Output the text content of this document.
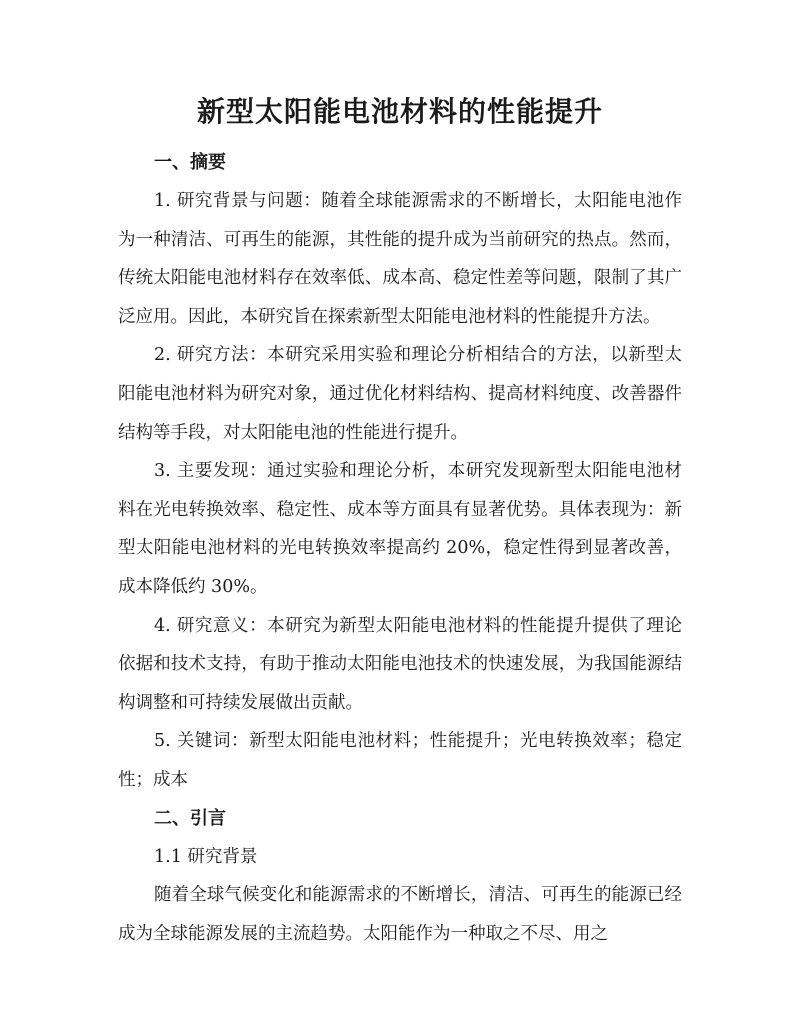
新型太阳能电池材料的性能提升
一、摘要

1. 研究背景与问题：随着全球能源需求的不断增长，太阳能电池作为一种清洁、可再生的能源，其性能的提升成为当前研究的热点。然而，传统太阳能电池材料存在效率低、成本高、稳定性差等问题，限制了其广泛应用。因此，本研究旨在探索新型太阳能电池材料的性能提升方法。

2. 研究方法：本研究采用实验和理论分析相结合的方法，以新型太阳能电池材料为研究对象，通过优化材料结构、提高材料纯度、改善器件结构等手段，对太阳能电池的性能进行提升。

3. 主要发现：通过实验和理论分析，本研究发现新型太阳能电池材料在光电转换效率、稳定性、成本等方面具有显著优势。具体表现为：新型太阳能电池材料的光电转换效率提高约 20%，稳定性得到显著改善，成本降低约 30%。

4. 研究意义：本研究为新型太阳能电池材料的性能提升提供了理论依据和技术支持，有助于推动太阳能电池技术的快速发展，为我国能源结构调整和可持续发展做出贡献。

5. 关键词：新型太阳能电池材料；性能提升；光电转换效率；稳定性；成本

二、引言

1.1 研究背景

随着全球气候变化和能源需求的不断增长，清洁、可再生的能源已经成为全球能源发展的主流趋势。太阳能作为一种取之不尽、用之
